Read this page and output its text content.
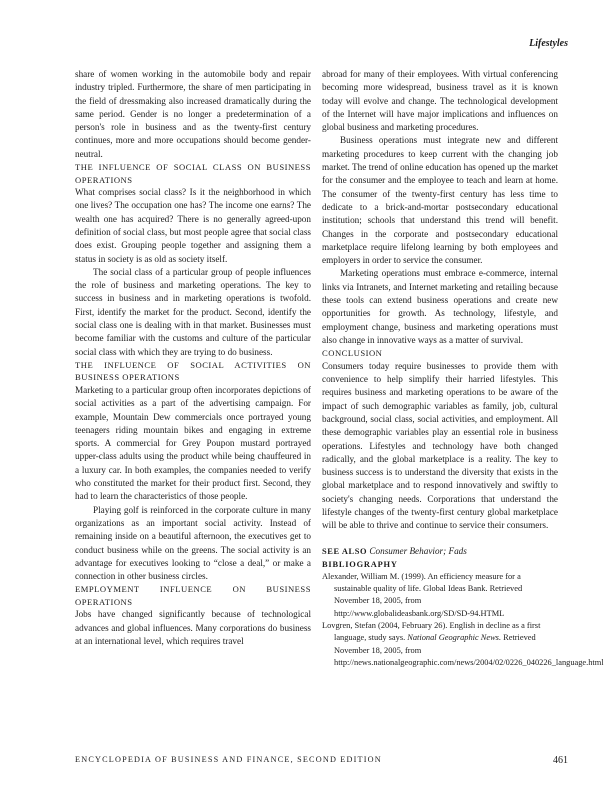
Lifestyles

share of women working in the automobile body and repair industry tripled. Furthermore, the share of men participating in the field of dressmaking also increased dramatically during the same period. Gender is no longer a predetermination of a person's role in business and as the twenty-first century continues, more and more occupations should become gender-neutral.

THE INFLUENCE OF SOCIAL CLASS ON BUSINESS OPERATIONS

What comprises social class? Is it the neighborhood in which one lives? The occupation one has? The income one earns? The wealth one has acquired? There is no generally agreed-upon definition of social class, but most people agree that social class does exist. Grouping people together and assigning them a status in society is as old as society itself.

The social class of a particular group of people influences the role of business and marketing operations. The key to success in business and in marketing operations is twofold. First, identify the market for the product. Second, identify the social class one is dealing with in that market. Businesses must become familiar with the customs and culture of the particular social class with which they are trying to do business.

THE INFLUENCE OF SOCIAL ACTIVITIES ON BUSINESS OPERATIONS

Marketing to a particular group often incorporates depictions of social activities as a part of the advertising campaign. For example, Mountain Dew commercials once portrayed young teenagers riding mountain bikes and engaging in extreme sports. A commercial for Grey Poupon mustard portrayed upper-class adults using the product while being chauffeured in a luxury car. In both examples, the companies needed to verify who constituted the market for their product first. Second, they had to learn the characteristics of those people.

Playing golf is reinforced in the corporate culture in many organizations as an important social activity. Instead of remaining inside on a beautiful afternoon, the executives get to conduct business while on the greens. The social activity is an advantage for executives looking to “close a deal,” or make a connection in other business circles.

EMPLOYMENT INFLUENCE ON BUSINESS OPERATIONS

Jobs have changed significantly because of technological advances and global influences. Many corporations do business at an international level, which requires travel

abroad for many of their employees. With virtual conferencing becoming more widespread, business travel as it is known today will evolve and change. The technological development of the Internet will have major implications and influences on global business and marketing procedures.

Business operations must integrate new and different marketing procedures to keep current with the changing job market. The trend of online education has opened up the market for the consumer and the employee to teach and learn at home. The consumer of the twenty-first century has less time to dedicate to a brick-and-mortar postsecondary educational institution; schools that understand this trend will benefit. Changes in the corporate and postsecondary educational marketplace require lifelong learning by both employees and employers in order to service the consumer.

Marketing operations must embrace e-commerce, internal links via Intranets, and Internet marketing and retailing because these tools can extend business operations and create new opportunities for growth. As technology, lifestyle, and employment change, business and marketing operations must also change in innovative ways as a matter of survival.

CONCLUSION

Consumers today require businesses to provide them with convenience to help simplify their harried lifestyles. This requires business and marketing operations to be aware of the impact of such demographic variables as family, job, cultural background, social class, social activities, and employment. All these demographic variables play an essential role in business operations. Lifestyles and technology have both changed radically, and the global marketplace is a reality. The key to business success is to understand the diversity that exists in the global marketplace and to respond innovatively and swiftly to society's changing needs. Corporations that understand the lifestyle changes of the twenty-first century global marketplace will be able to thrive and continue to service their consumers.

SEE ALSO Consumer Behavior; Fads

BIBLIOGRAPHY

Alexander, William M. (1999). An efficiency measure for a sustainable quality of life. Global Ideas Bank. Retrieved November 18, 2005, from http://www.globalideasbank.org/SD/SD-94.HTML

Lovgren, Stefan (2004, February 26). English in decline as a first language, study says. National Geographic News. Retrieved November 18, 2005, from http://news.nationalgeographic.com/news/2004/02/0226_040226_language.html

ENCYCLOPEDIA OF BUSINESS AND FINANCE, SECOND EDITION	461
